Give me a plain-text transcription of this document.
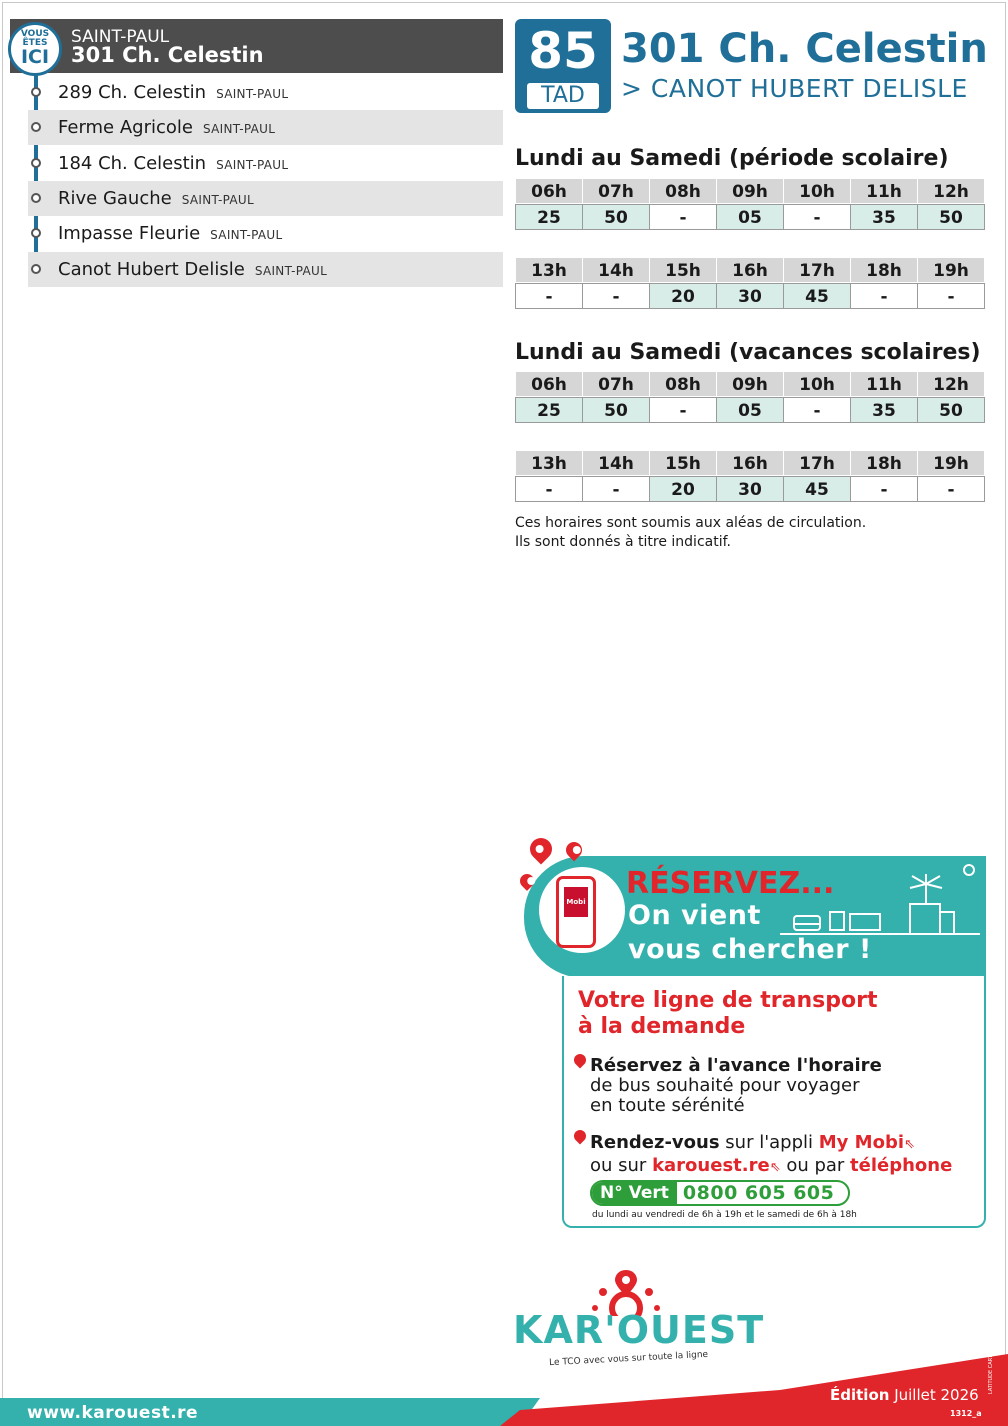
VOUS
ÊTES
ICI
SAINT-PAUL
301 Ch. Celestin
289 Ch. Celestin SAINT-PAUL
Ferme Agricole SAINT-PAUL
184 Ch. Celestin SAINT-PAUL
Rive Gauche SAINT-PAUL
Impasse Fleurie SAINT-PAUL
Canot Hubert Delisle SAINT-PAUL
85
TAD
301 Ch. Celestin
> CANOT HUBERT DELISLE
Lundi au Samedi (période scolaire)
06h	07h	08h	09h	10h	11h	12h
25	50	-	05	-	35	50
13h	14h	15h	16h	17h	18h	19h
-	-	20	30	45	-	-
Lundi au Samedi (vacances scolaires)
06h	07h	08h	09h	10h	11h	12h
25	50	-	05	-	35	50
13h	14h	15h	16h	17h	18h	19h
-	-	20	30	45	-	-
Ces horaires sont soumis aux aléas de circulation.
Ils sont donnés à titre indicatif.
Mobi
RÉSERVEZ...
On vient
vous chercher !
Votre ligne de transport
à la demande
Réservez à l'avance l'horaire
de bus souhaité pour voyager
en toute sérénité
Rendez-vous sur l'appli My Mobi⇖
ou sur karouest.re⇖ ou par téléphone
N° Vert 0800 605 605
du lundi au vendredi de 6h à 19h et le samedi de 6h à 18h
KAR'OUEST
Le TCO avec vous sur toute la ligne
www.karouest.re
Édition Juillet 2026
1312_a
LATITUDE CARTAGÈNE
